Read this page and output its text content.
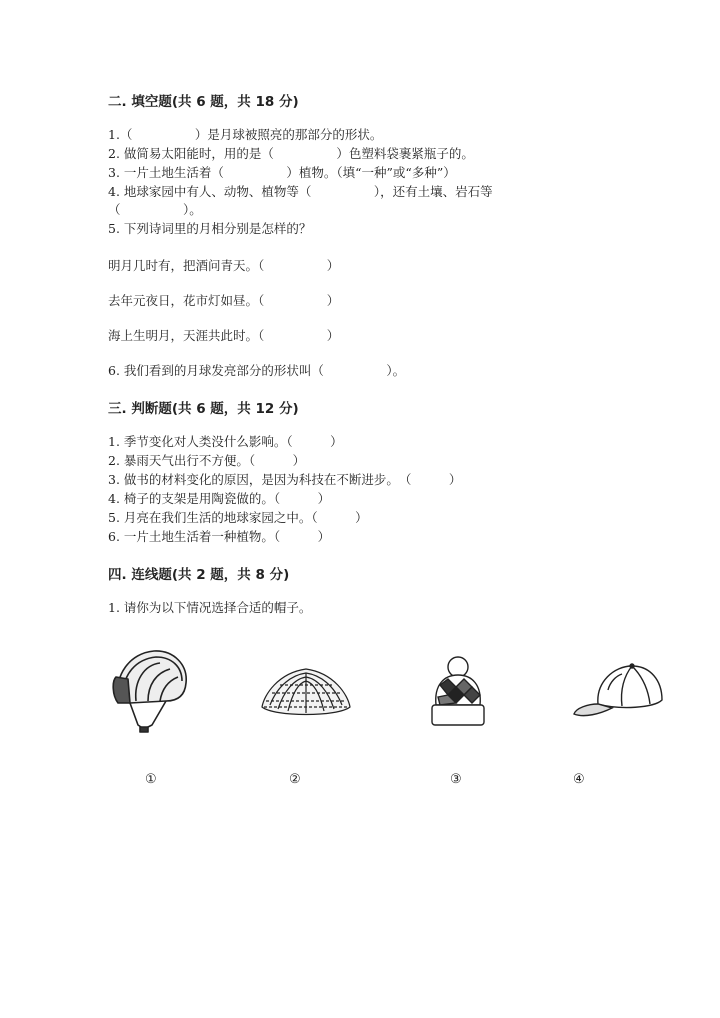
二. 填空题(共 6 题，共 18 分)
1.（　　　　　）是月球被照亮的那部分的形状。
2. 做简易太阳能时，用的是（　　　　　）色塑料袋裹紧瓶子的。
3. 一片土地生活着（　　　　　）植物。（填“一种”或“多种”）
4. 地球家园中有人、动物、植物等（　　　　　），还有土壤、岩石等
（　　　　　）。
5. 下列诗词里的月相分别是怎样的？
明月几时有，把酒问青天。（　　　　　）
去年元夜日，花市灯如昼。（　　　　　）
海上生明月，天涯共此时。（　　　　　）
6. 我们看到的月球发亮部分的形状叫（　　　　　）。
三. 判断题(共 6 题，共 12 分)
1. 季节变化对人类没什么影响。（　　　）
2. 暴雨天气出行不方便。（　　　）
3. 做书的材料变化的原因，是因为科技在不断进步。　（　　　）
4. 椅子的支架是用陶瓷做的。（　　　）
5. 月亮在我们生活的地球家园之中。（　　　）
6. 一片土地生活着一种植物。（　　　）
四. 连线题(共 2 题，共 8 分)
1. 请你为以下情况选择合适的帽子。
①	②	③	④
